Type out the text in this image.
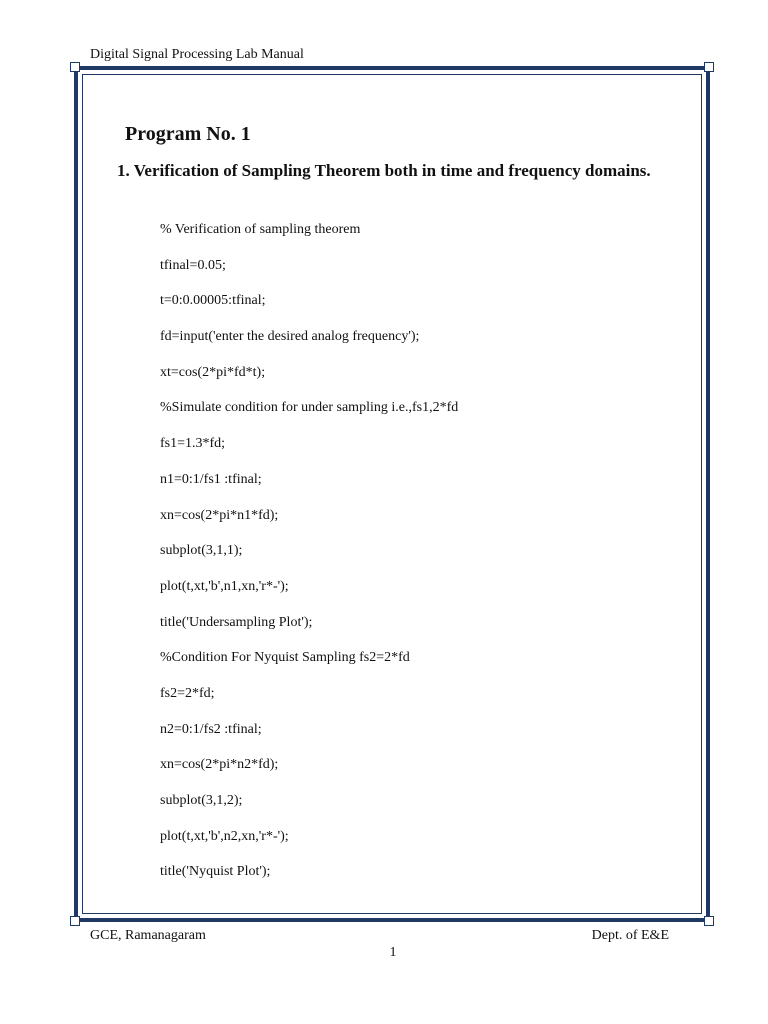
Digital Signal Processing Lab Manual
Program No. 1
1. Verification of Sampling Theorem both in time and frequency domains.
% Verification of sampling theorem
tfinal=0.05;
t=0:0.00005:tfinal;
fd=input('enter the desired analog frequency');
xt=cos(2*pi*fd*t);
%Simulate condition for under sampling i.e.,fs1,2*fd
fs1=1.3*fd;
n1=0:1/fs1 :tfinal;
xn=cos(2*pi*n1*fd);
subplot(3,1,1);
plot(t,xt,'b',n1,xn,'r*-');
title('Undersampling Plot');
%Condition For Nyquist Sampling fs2=2*fd
fs2=2*fd;
n2=0:1/fs2 :tfinal;
xn=cos(2*pi*n2*fd);
subplot(3,1,2);
plot(t,xt,'b',n2,xn,'r*-');
title('Nyquist Plot');
GCE, Ramanagaram	Dept. of E&E
1
